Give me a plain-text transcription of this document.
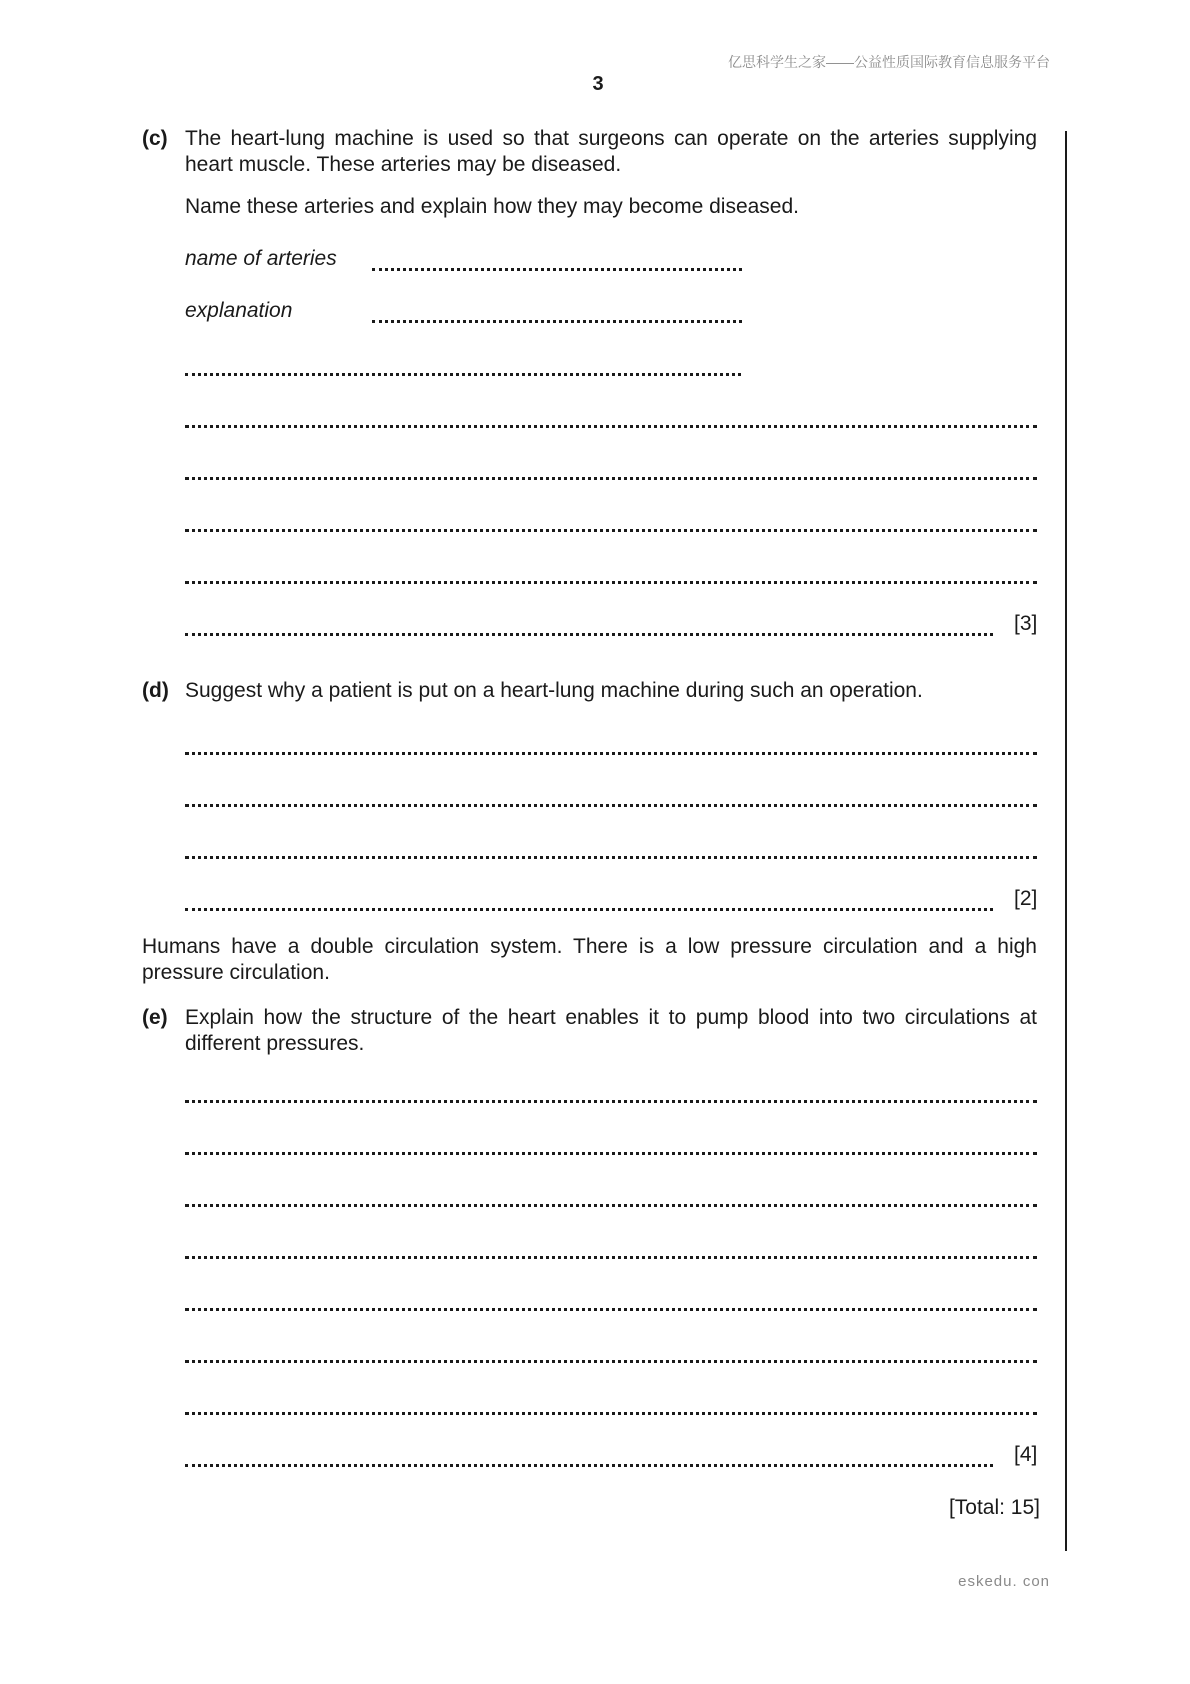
亿思科学生之家——公益性质国际教育信息服务平台
3
(c) The heart-lung machine is used so that surgeons can operate on the arteries supplying heart muscle. These arteries may be diseased.
Name these arteries and explain how they may become diseased.
name of arteries
explanation
[3]
(d) Suggest why a patient is put on a heart-lung machine during such an operation.
[2]
Humans have a double circulation system. There is a low pressure circulation and a high pressure circulation.
(e) Explain how the structure of the heart enables it to pump blood into two circulations at different pressures.
[4]
[Total: 15]
eskedu. con
